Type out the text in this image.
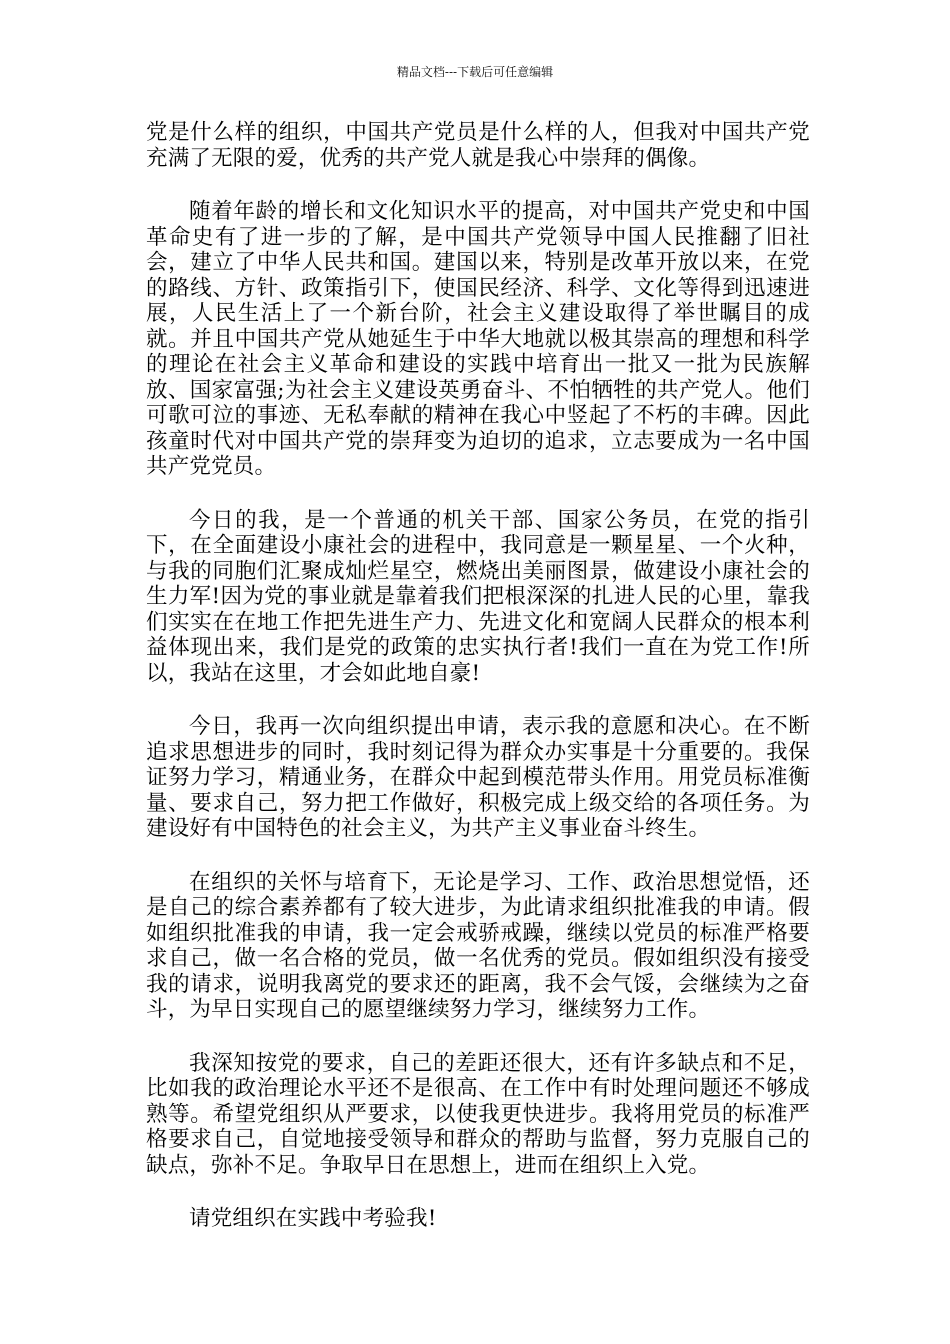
精品文档---下载后可任意编辑

党是什么样的组织，中国共产党员是什么样的人，但我对中国共产党充满了无限的爱，优秀的共产党人就是我心中崇拜的偶像。

随着年龄的增长和文化知识水平的提高，对中国共产党史和中国革命史有了进一步的了解，是中国共产党领导中国人民推翻了旧社会，建立了中华人民共和国。建国以来，特别是改革开放以来，在党的路线、方针、政策指引下，使国民经济、科学、文化等得到迅速进展，人民生活上了一个新台阶，社会主义建设取得了举世瞩目的成就。并且中国共产党从她延生于中华大地就以极其崇高的理想和科学的理论在社会主义革命和建设的实践中培育出一批又一批为民族解放、国家富强;为社会主义建设英勇奋斗、不怕牺牲的共产党人。他们可歌可泣的事迹、无私奉献的精神在我心中竖起了不朽的丰碑。因此孩童时代对中国共产党的崇拜变为迫切的追求，立志要成为一名中国共产党党员。

今日的我，是一个普通的机关干部、国家公务员，在党的指引下，在全面建设小康社会的进程中，我同意是一颗星星、一个火种，与我的同胞们汇聚成灿烂星空，燃烧出美丽图景，做建设小康社会的生力军!因为党的事业就是靠着我们把根深深的扎进人民的心里，靠我们实实在在地工作把先进生产力、先进文化和宽阔人民群众的根本利益体现出来，我们是党的政策的忠实执行者!我们一直在为党工作!所以，我站在这里，才会如此地自豪!

今日，我再一次向组织提出申请，表示我的意愿和决心。在不断追求思想进步的同时，我时刻记得为群众办实事是十分重要的。我保证努力学习，精通业务，在群众中起到模范带头作用。用党员标准衡量、要求自己，努力把工作做好，积极完成上级交给的各项任务。为建设好有中国特色的社会主义，为共产主义事业奋斗终生。

在组织的关怀与培育下，无论是学习、工作、政治思想觉悟，还是自己的综合素养都有了较大进步，为此请求组织批准我的申请。假如组织批准我的申请，我一定会戒骄戒躁，继续以党员的标准严格要求自己，做一名合格的党员，做一名优秀的党员。假如组织没有接受我的请求，说明我离党的要求还的距离，我不会气馁，会继续为之奋斗，为早日实现自己的愿望继续努力学习，继续努力工作。

我深知按党的要求，自己的差距还很大，还有许多缺点和不足，比如我的政治理论水平还不是很高、在工作中有时处理问题还不够成熟等。希望党组织从严要求，以使我更快进步。我将用党员的标准严格要求自己，自觉地接受领导和群众的帮助与监督，努力克服自己的缺点，弥补不足。争取早日在思想上，进而在组织上入党。

请党组织在实践中考验我!
